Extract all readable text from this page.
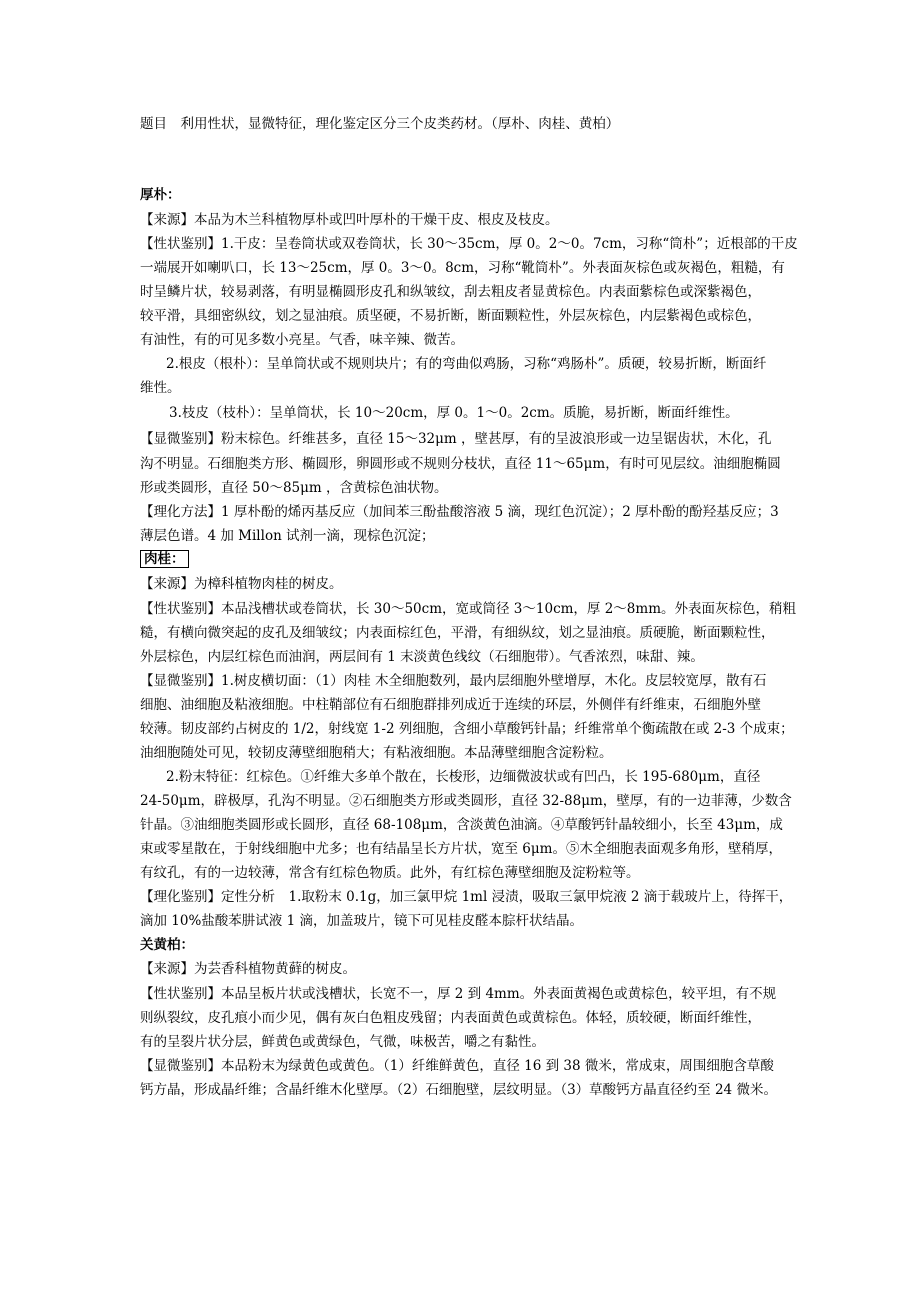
题目　利用性状，显微特征，理化鉴定区分三个皮类药材。（厚朴、肉桂、黄柏）
厚朴：
【来源】本品为木兰科植物厚朴或凹叶厚朴的干燥干皮、根皮及枝皮。
【性状鉴别】1.干皮：呈卷筒状或双卷筒状，长 30～35cm，厚 0。2～0。7cm，习称“筒朴”；近根部的干皮
一端展开如喇叭口，长 13～25cm，厚 0。3～0。8cm，习称“靴筒朴”。外表面灰棕色或灰褐色，粗糙，有
时呈鳞片状，较易剥落，有明显椭圆形皮孔和纵皱纹，刮去粗皮者显黄棕色。内表面紫棕色或深紫褐色，
较平滑，具细密纵纹，划之显油痕。质坚硬，不易折断，断面颗粒性，外层灰棕色，内层紫褐色或棕色，
有油性，有的可见多数小亮星。气香，味辛辣、微苦。
2.根皮（根朴）：呈单筒状或不规则块片；有的弯曲似鸡肠，习称“鸡肠朴”。质硬，较易折断，断面纤
维性。
3.枝皮（枝朴）：呈单筒状，长 10～20cm，厚 0。1～0。2cm。质脆，易折断，断面纤维性。
【显微鉴别】粉末棕色。纤维甚多，直径 15～32μm ，壁甚厚，有的呈波浪形或一边呈锯齿状，木化，孔
沟不明显。石细胞类方形、椭圆形，卵圆形或不规则分枝状，直径 11～65μm，有时可见层纹。油细胞椭圆
形或类圆形，直径 50～85μm ，含黄棕色油状物。
【理化方法】1 厚朴酚的烯丙基反应（加间苯三酚盐酸溶液 5 滴，现红色沉淀）；2 厚朴酚的酚羟基反应；3
薄层色谱。4 加 Millon 试剂一滴，现棕色沉淀；
肉桂：
【来源】为樟科植物肉桂的树皮。
【性状鉴别】本品浅槽状或卷筒状，长 30～50cm，宽或筒径 3～10cm，厚 2～8mm。外表面灰棕色，稍粗
糙，有横向微突起的皮孔及细皱纹；内表面棕红色，平滑，有细纵纹，划之显油痕。质硬脆，断面颗粒性，
外层棕色，内层红棕色而油润，两层间有 1 末淡黄色线纹（石细胞带）。气香浓烈，味甜、辣。
【显微鉴别】1.树皮横切面：（1）肉桂 木全细胞数列，最内层细胞外壁增厚，木化。皮层较宽厚，散有石
细胞、油细胞及粘液细胞。中柱鞘部位有石细胞群排列成近于连续的环层，外侧伴有纤维束，石细胞外壁
较薄。韧皮部约占树皮的 1/2，射线宽 1-2 列细胞，含细小草酸钙针晶；纤维常单个衡疏散在或 2-3 个成束；
油细胞随处可见，较韧皮薄壁细胞稍大；有粘液细胞。本品薄壁细胞含淀粉粒。
2.粉末特征：红棕色。①纤维大多单个散在，长梭形，边缅微波状或有凹凸，长 195-680μm，直径
24-50μm，辟极厚，孔沟不明显。②石细胞类方形或类圆形，直径 32-88μm，壁厚，有的一边菲薄，少数含
针晶。③油细胞类圆形或长圆形，直径 68-108μm，含淡黄色油滴。④草酸钙针晶较细小，长至 43μm，成
束或零星散在，于射线细胞中尤多；也有结晶呈长方片状，宽至 6μm。⑤木全细胞表面观多角形，壁稍厚，
有纹孔，有的一边较薄，常含有红棕色物质。此外，有红棕色薄壁细胞及淀粉粒等。
【理化鉴别】定性分析　1.取粉末 0.1g，加三氯甲烷 1ml 浸渍，吸取三氯甲烷液 2 滴于载玻片上，待挥干，
滴加 10%盐酸苯肼试液 1 滴，加盖玻片，镜下可见桂皮醛本腙杆状结晶。
关黄柏：
【来源】为芸香科植物黄藓的树皮。
【性状鉴别】本品呈板片状或浅槽状，长宽不一，厚 2 到 4mm。外表面黄褐色或黄棕色，较平坦，有不规
则纵裂纹，皮孔痕小而少见，偶有灰白色粗皮残留；内表面黄色或黄棕色。体轻，质较硬，断面纤维性，
有的呈裂片状分层，鲜黄色或黄绿色，气微，味极苦，嚼之有黏性。
【显微鉴别】本品粉末为绿黄色或黄色。（1）纤维鲜黄色，直径 16 到 38 微米，常成束，周围细胞含草酸
钙方晶，形成晶纤维；含晶纤维木化壁厚。（2）石细胞壁，层纹明显。（3）草酸钙方晶直径约至 24 微米。
